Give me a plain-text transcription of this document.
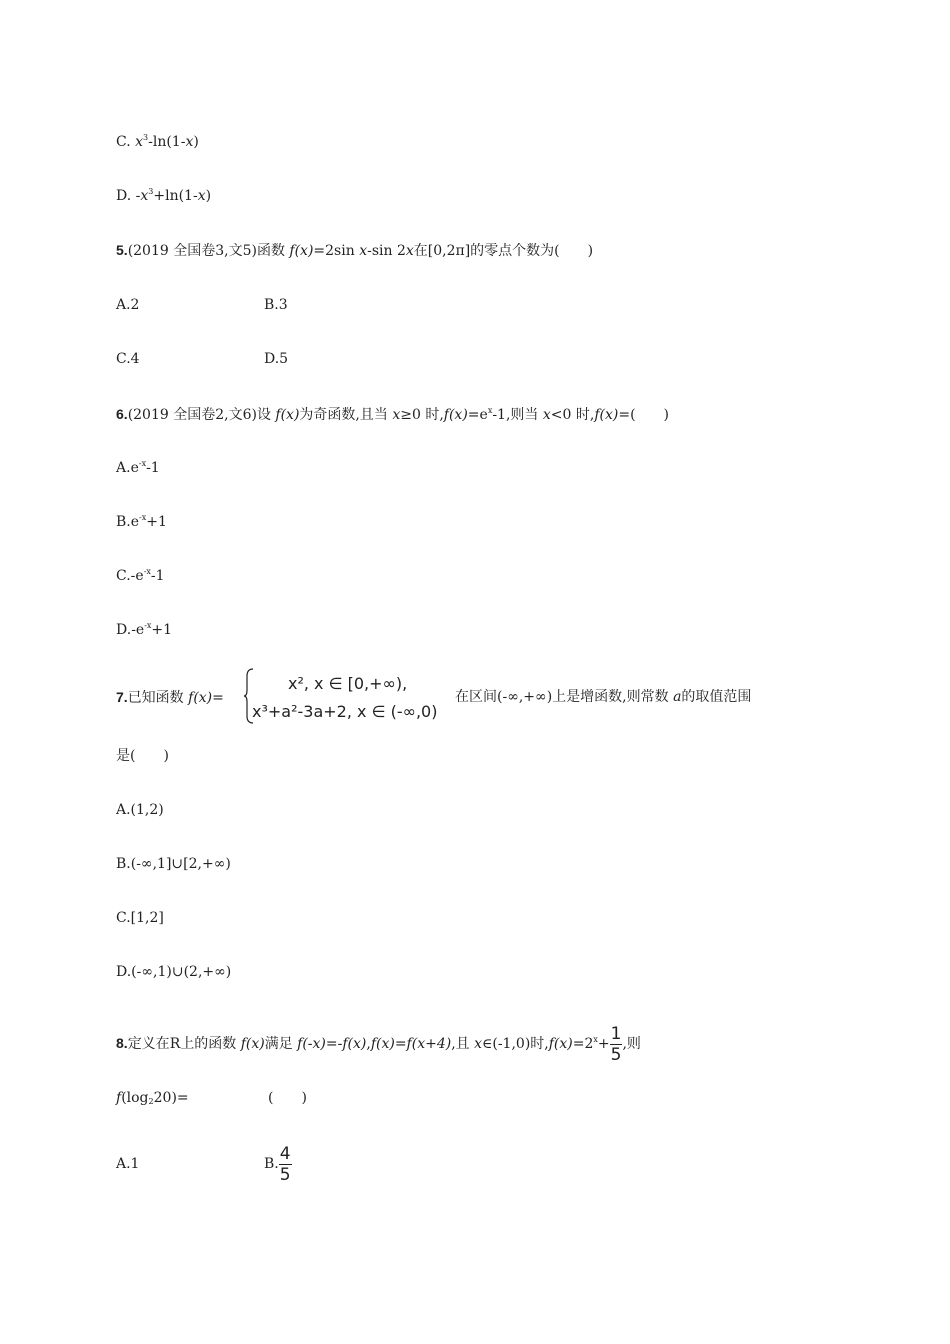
C. $x^3-\ln(1-x)$
D. $-x^3+\ln(1-x)$
5.(2019 全国卷3,文5)函数 f(x)=2sin x-sin 2x在[0,2π]的零点个数为(　　)
A.2	B.3
C.4	D.5
6.(2019 全国卷2,文6)设 f(x)为奇函数,且当 x≥0 时$,f(x)=e^x-1$,则当 x<0 时,f(x)=(　　)
$A.e^{-x}-1$
$B.e^{-x}+1$
$C.-e^{-x}-1$
$D.-e^{-x}+1$
7.已知函数 f(x)=
x², x ∈ [0,+∞),
x³+a²-3a+2, x ∈ (-∞,0)
在区间(-∞,+∞)上是增函数,则常数 a的取值范围
是(　　)
A.(1,2)
B.(-∞,1]∪[2,+∞)
C.[1,2]
D.(-∞,1)∪(2,+∞)
8.定义在R上的函数 f(x)满足 f(-x)=-f(x),f(x)=f(x+4),且 x∈(-1,0)时$,f(x)=2^x+ \frac{1}{5}$ ,则
$f(\log_220)=$	(　　)
A.1	B. $\frac{4}{5}$
